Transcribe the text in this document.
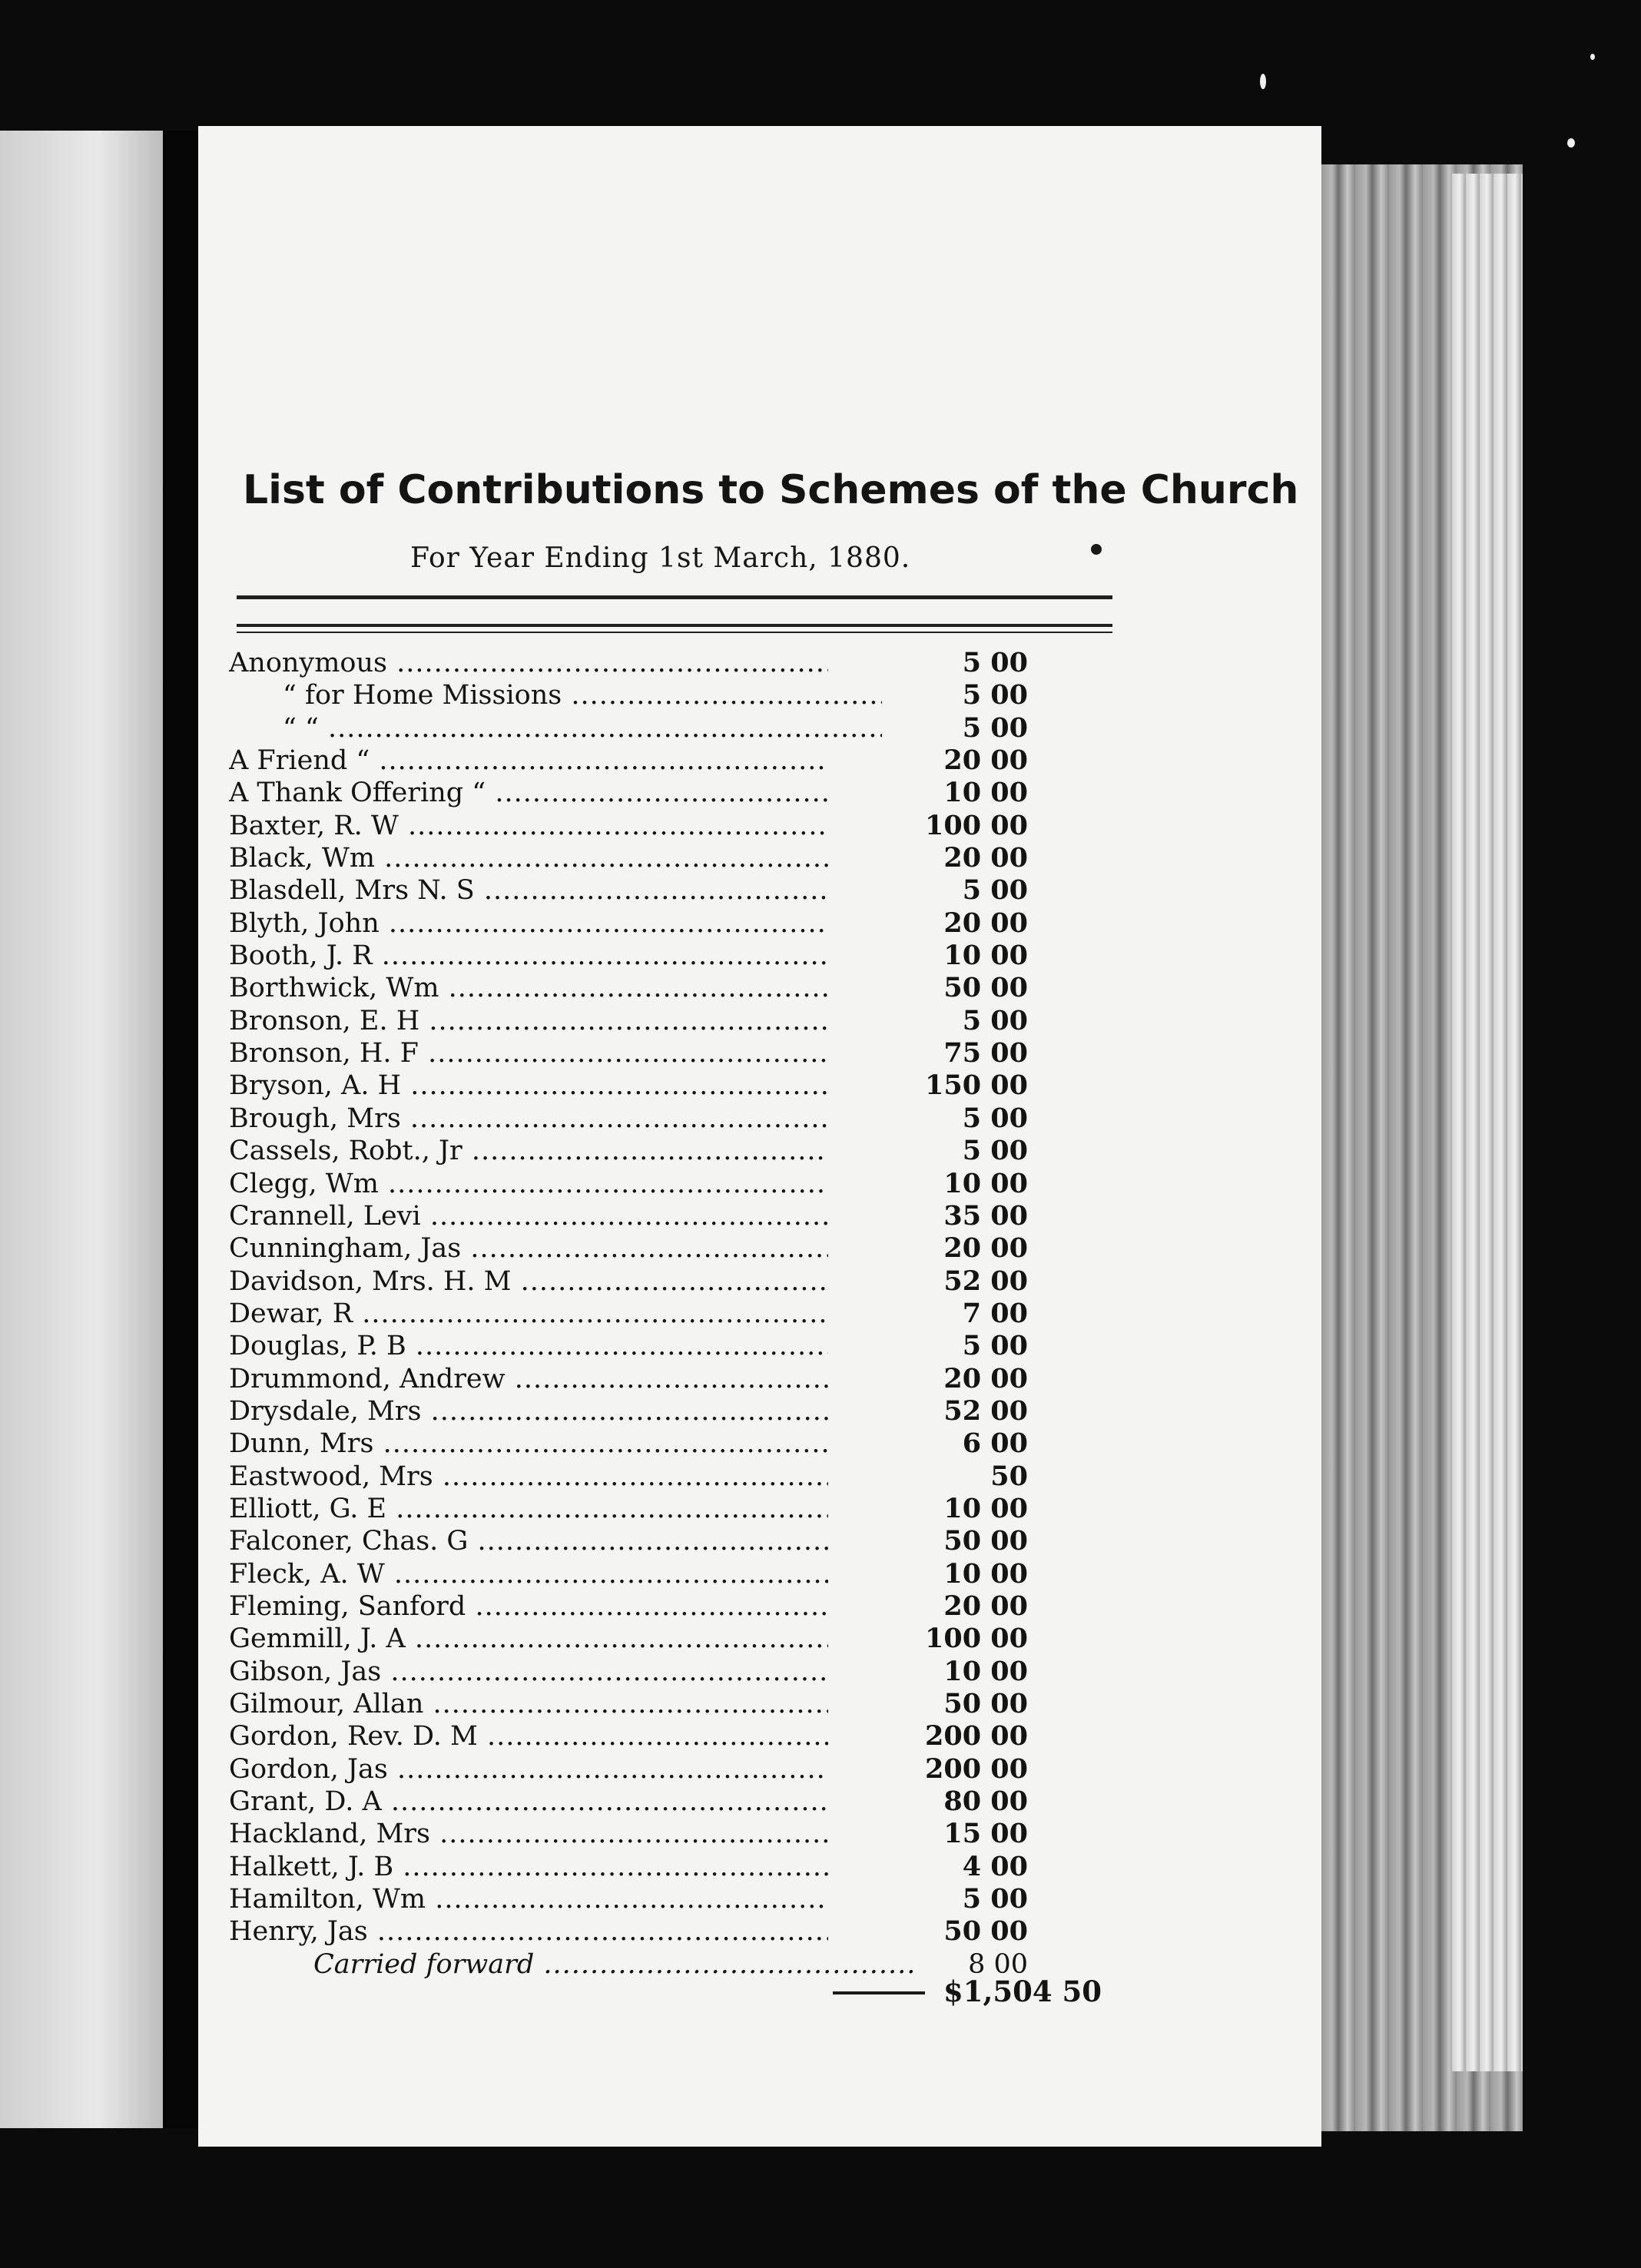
List of Contributions to Schemes of the Church
For Year Ending 1st March, 1880.
Anonymous .....	5 00
“ for Home Missions .....	5 00
“ “ .....	5 00
A Friend “ .....	20 00
A Thank Offering “ .....	10 00
Baxter, R. W .....	100 00
Black, Wm .....	20 00
Blasdell, Mrs N. S .....	5 00
Blyth, John .....	20 00
Booth, J. R .....	10 00
Borthwick, Wm .....	50 00
Bronson, E. H .....	5 00
Bronson, H. F .....	75 00
Bryson, A. H .....	150 00
Brough, Mrs .....	5 00
Cassels, Robt., Jr .....	5 00
Clegg, Wm .....	10 00
Crannell, Levi .....	35 00
Cunningham, Jas .....	20 00
Davidson, Mrs. H. M .....	52 00
Dewar, R .....	7 00
Douglas, P. B .....	5 00
Drummond, Andrew .....	20 00
Drysdale, Mrs .....	52 00
Dunn, Mrs .....	6 00
Eastwood, Mrs .....	50
Elliott, G. E .....	10 00
Falconer, Chas. G .....	50 00
Fleck, A. W .....	10 00
Fleming, Sanford .....	20 00
Gemmill, J. A .....	100 00
Gibson, Jas .....	10 00
Gilmour, Allan .....	50 00
Gordon, Rev. D. M .....	200 00
Gordon, Jas .....	200 00
Grant, D. A .....	80 00
Hackland, Mrs .....	15 00
Halkett, J. B .....	4 00
Hamilton, Wm .....	5 00
Henry, Jas .....	50 00
Carried forward .....	8 00
$1,504 50
